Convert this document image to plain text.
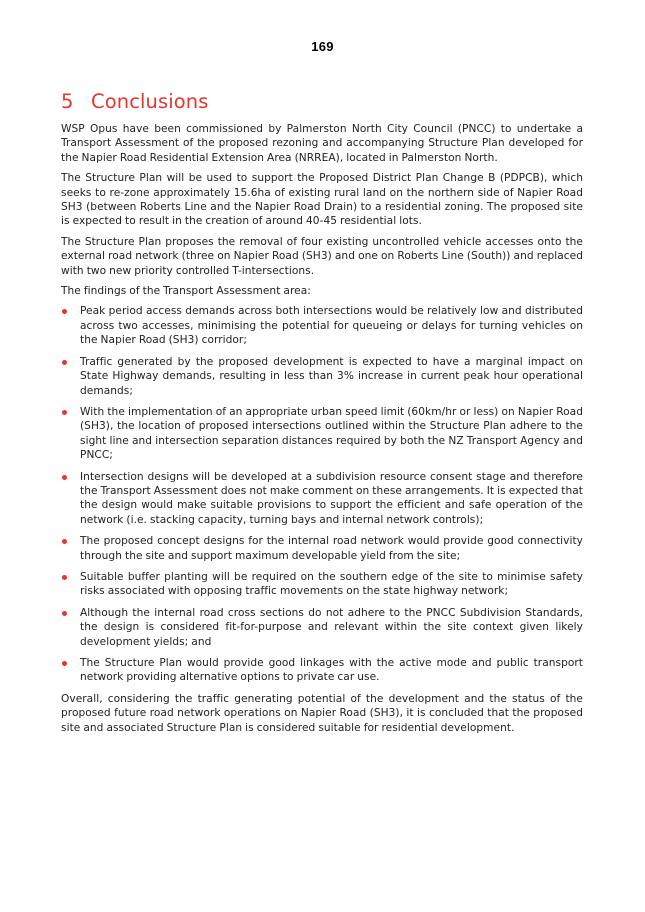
169
5 Conclusions

WSP Opus have been commissioned by Palmerston North City Council (PNCC) to undertake a Transport Assessment of the proposed rezoning and accompanying Structure Plan developed for the Napier Road Residential Extension Area (NRREA), located in Palmerston North.

The Structure Plan will be used to support the Proposed District Plan Change B (PDPCB), which seeks to re-zone approximately 15.6ha of existing rural land on the northern side of Napier Road SH3 (between Roberts Line and the Napier Road Drain) to a residential zoning. The proposed site is expected to result in the creation of around 40-45 residential lots.

The Structure Plan proposes the removal of four existing uncontrolled vehicle accesses onto the external road network (three on Napier Road (SH3) and one on Roberts Line (South)) and replaced with two new priority controlled T-intersections.

The findings of the Transport Assessment area:

Peak period access demands across both intersections would be relatively low and distributed across two accesses, minimising the potential for queueing or delays for turning vehicles on the Napier Road (SH3) corridor;
Traffic generated by the proposed development is expected to have a marginal impact on State Highway demands, resulting in less than 3% increase in current peak hour operational demands;
With the implementation of an appropriate urban speed limit (60km/hr or less) on Napier Road (SH3), the location of proposed intersections outlined within the Structure Plan adhere to the sight line and intersection separation distances required by both the NZ Transport Agency and PNCC;
Intersection designs will be developed at a subdivision resource consent stage and therefore the Transport Assessment does not make comment on these arrangements. It is expected that the design would make suitable provisions to support the efficient and safe operation of the network (i.e. stacking capacity, turning bays and internal network controls);
The proposed concept designs for the internal road network would provide good connectivity through the site and support maximum developable yield from the site;
Suitable buffer planting will be required on the southern edge of the site to minimise safety risks associated with opposing traffic movements on the state highway network;
Although the internal road cross sections do not adhere to the PNCC Subdivision Standards, the design is considered fit-for-purpose and relevant within the site context given likely development yields; and
The Structure Plan would provide good linkages with the active mode and public transport network providing alternative options to private car use.

Overall, considering the traffic generating potential of the development and the status of the proposed future road network operations on Napier Road (SH3), it is concluded that the proposed site and associated Structure Plan is considered suitable for residential development.
